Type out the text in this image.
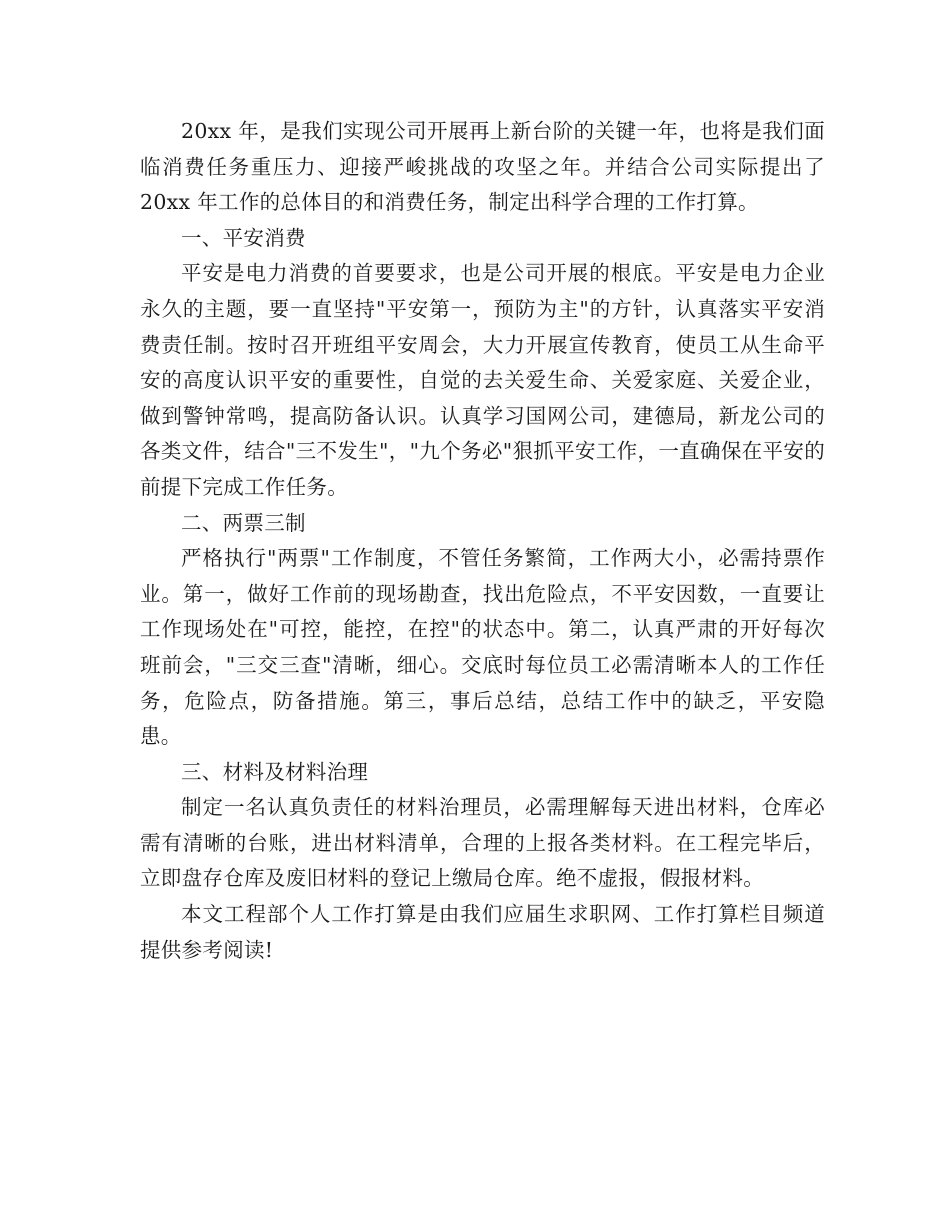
20xx 年，是我们实现公司开展再上新台阶的关键一年，也将是我们面临消费任务重压力、迎接严峻挑战的攻坚之年。并结合公司实际提出了 20xx 年工作的总体目的和消费任务，制定出科学合理的工作打算。

一、平安消费

平安是电力消费的首要要求，也是公司开展的根底。平安是电力企业永久的主题，要一直坚持"平安第一，预防为主"的方针，认真落实平安消费责任制。按时召开班组平安周会，大力开展宣传教育，使员工从生命平安的高度认识平安的重要性，自觉的去关爱生命、关爱家庭、关爱企业，做到警钟常鸣，提高防备认识。认真学习国网公司，建德局，新龙公司的各类文件，结合"三不发生"，"九个务必"狠抓平安工作，一直确保在平安的前提下完成工作任务。

二、两票三制

严格执行"两票"工作制度，不管任务繁简，工作两大小，必需持票作业。第一，做好工作前的现场勘查，找出危险点，不平安因数，一直要让工作现场处在"可控，能控，在控"的状态中。第二，认真严肃的开好每次班前会，"三交三查"清晰，细心。交底时每位员工必需清晰本人的工作任务，危险点，防备措施。第三，事后总结，总结工作中的缺乏，平安隐患。

三、材料及材料治理

制定一名认真负责任的材料治理员，必需理解每天进出材料，仓库必需有清晰的台账，进出材料清单，合理的上报各类材料。在工程完毕后，立即盘存仓库及废旧材料的登记上缴局仓库。绝不虚报，假报材料。

本文工程部个人工作打算是由我们应届生求职网、工作打算栏目频道提供参考阅读!
